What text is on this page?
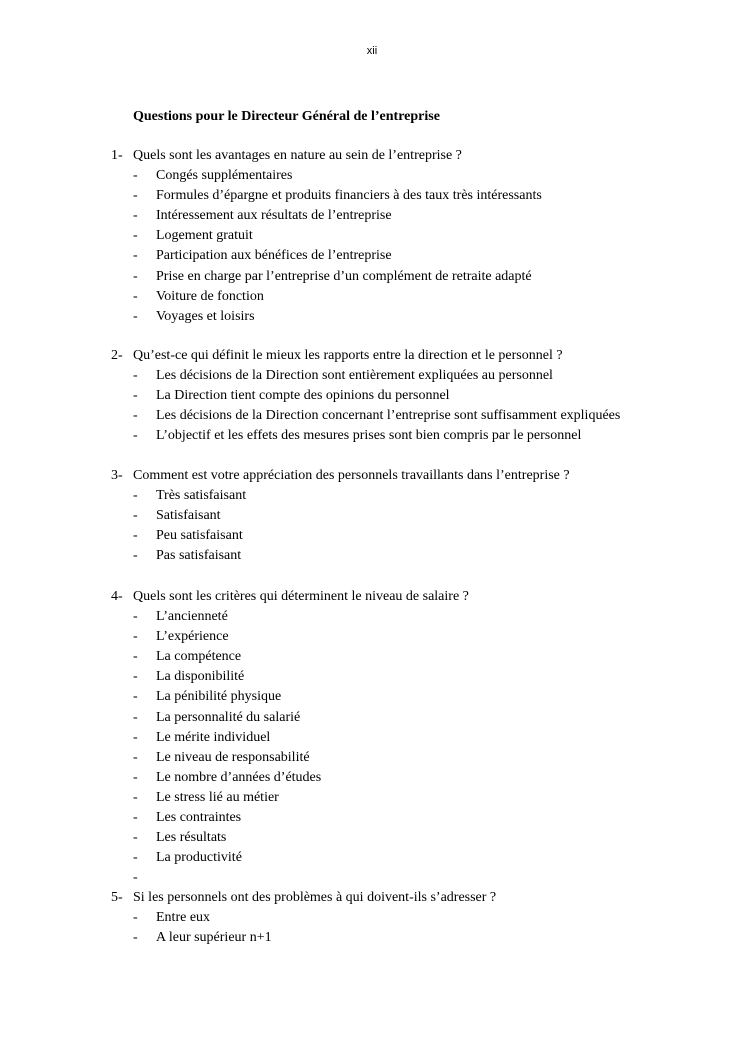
xii
Questions pour le Directeur Général de l’entreprise
1- Quels sont les avantages en nature au sein de l’entreprise ?
- Congés supplémentaires
- Formules d’épargne et produits financiers à des taux très intéressants
- Intéressement aux résultats de l’entreprise
- Logement gratuit
- Participation aux bénéfices de l’entreprise
- Prise en charge par l’entreprise d’un complément de retraite adapté
- Voiture de fonction
- Voyages et loisirs
2- Qu’est-ce qui définit le mieux les rapports entre la direction et le personnel ?
- Les décisions de la Direction sont entièrement expliquées au personnel
- La Direction tient compte des opinions du personnel
- Les décisions de la Direction concernant l’entreprise sont suffisamment expliquées
- L’objectif et les effets des mesures prises sont bien compris par le personnel
3- Comment est votre appréciation des personnels travaillants dans l’entreprise ?
- Très satisfaisant
- Satisfaisant
- Peu satisfaisant
- Pas satisfaisant
4- Quels sont les critères qui déterminent le niveau de salaire ?
- L’ancienneté
- L’expérience
- La compétence
- La disponibilité
- La pénibilité physique
- La personnalité du salarié
- Le mérite individuel
- Le niveau de responsabilité
- Le nombre d’années d’études
- Le stress lié au métier
- Les contraintes
- Les résultats
- La productivité
-
5- Si les personnels ont des problèmes à qui doivent-ils s’adresser ?
- Entre eux
- A leur supérieur n+1
